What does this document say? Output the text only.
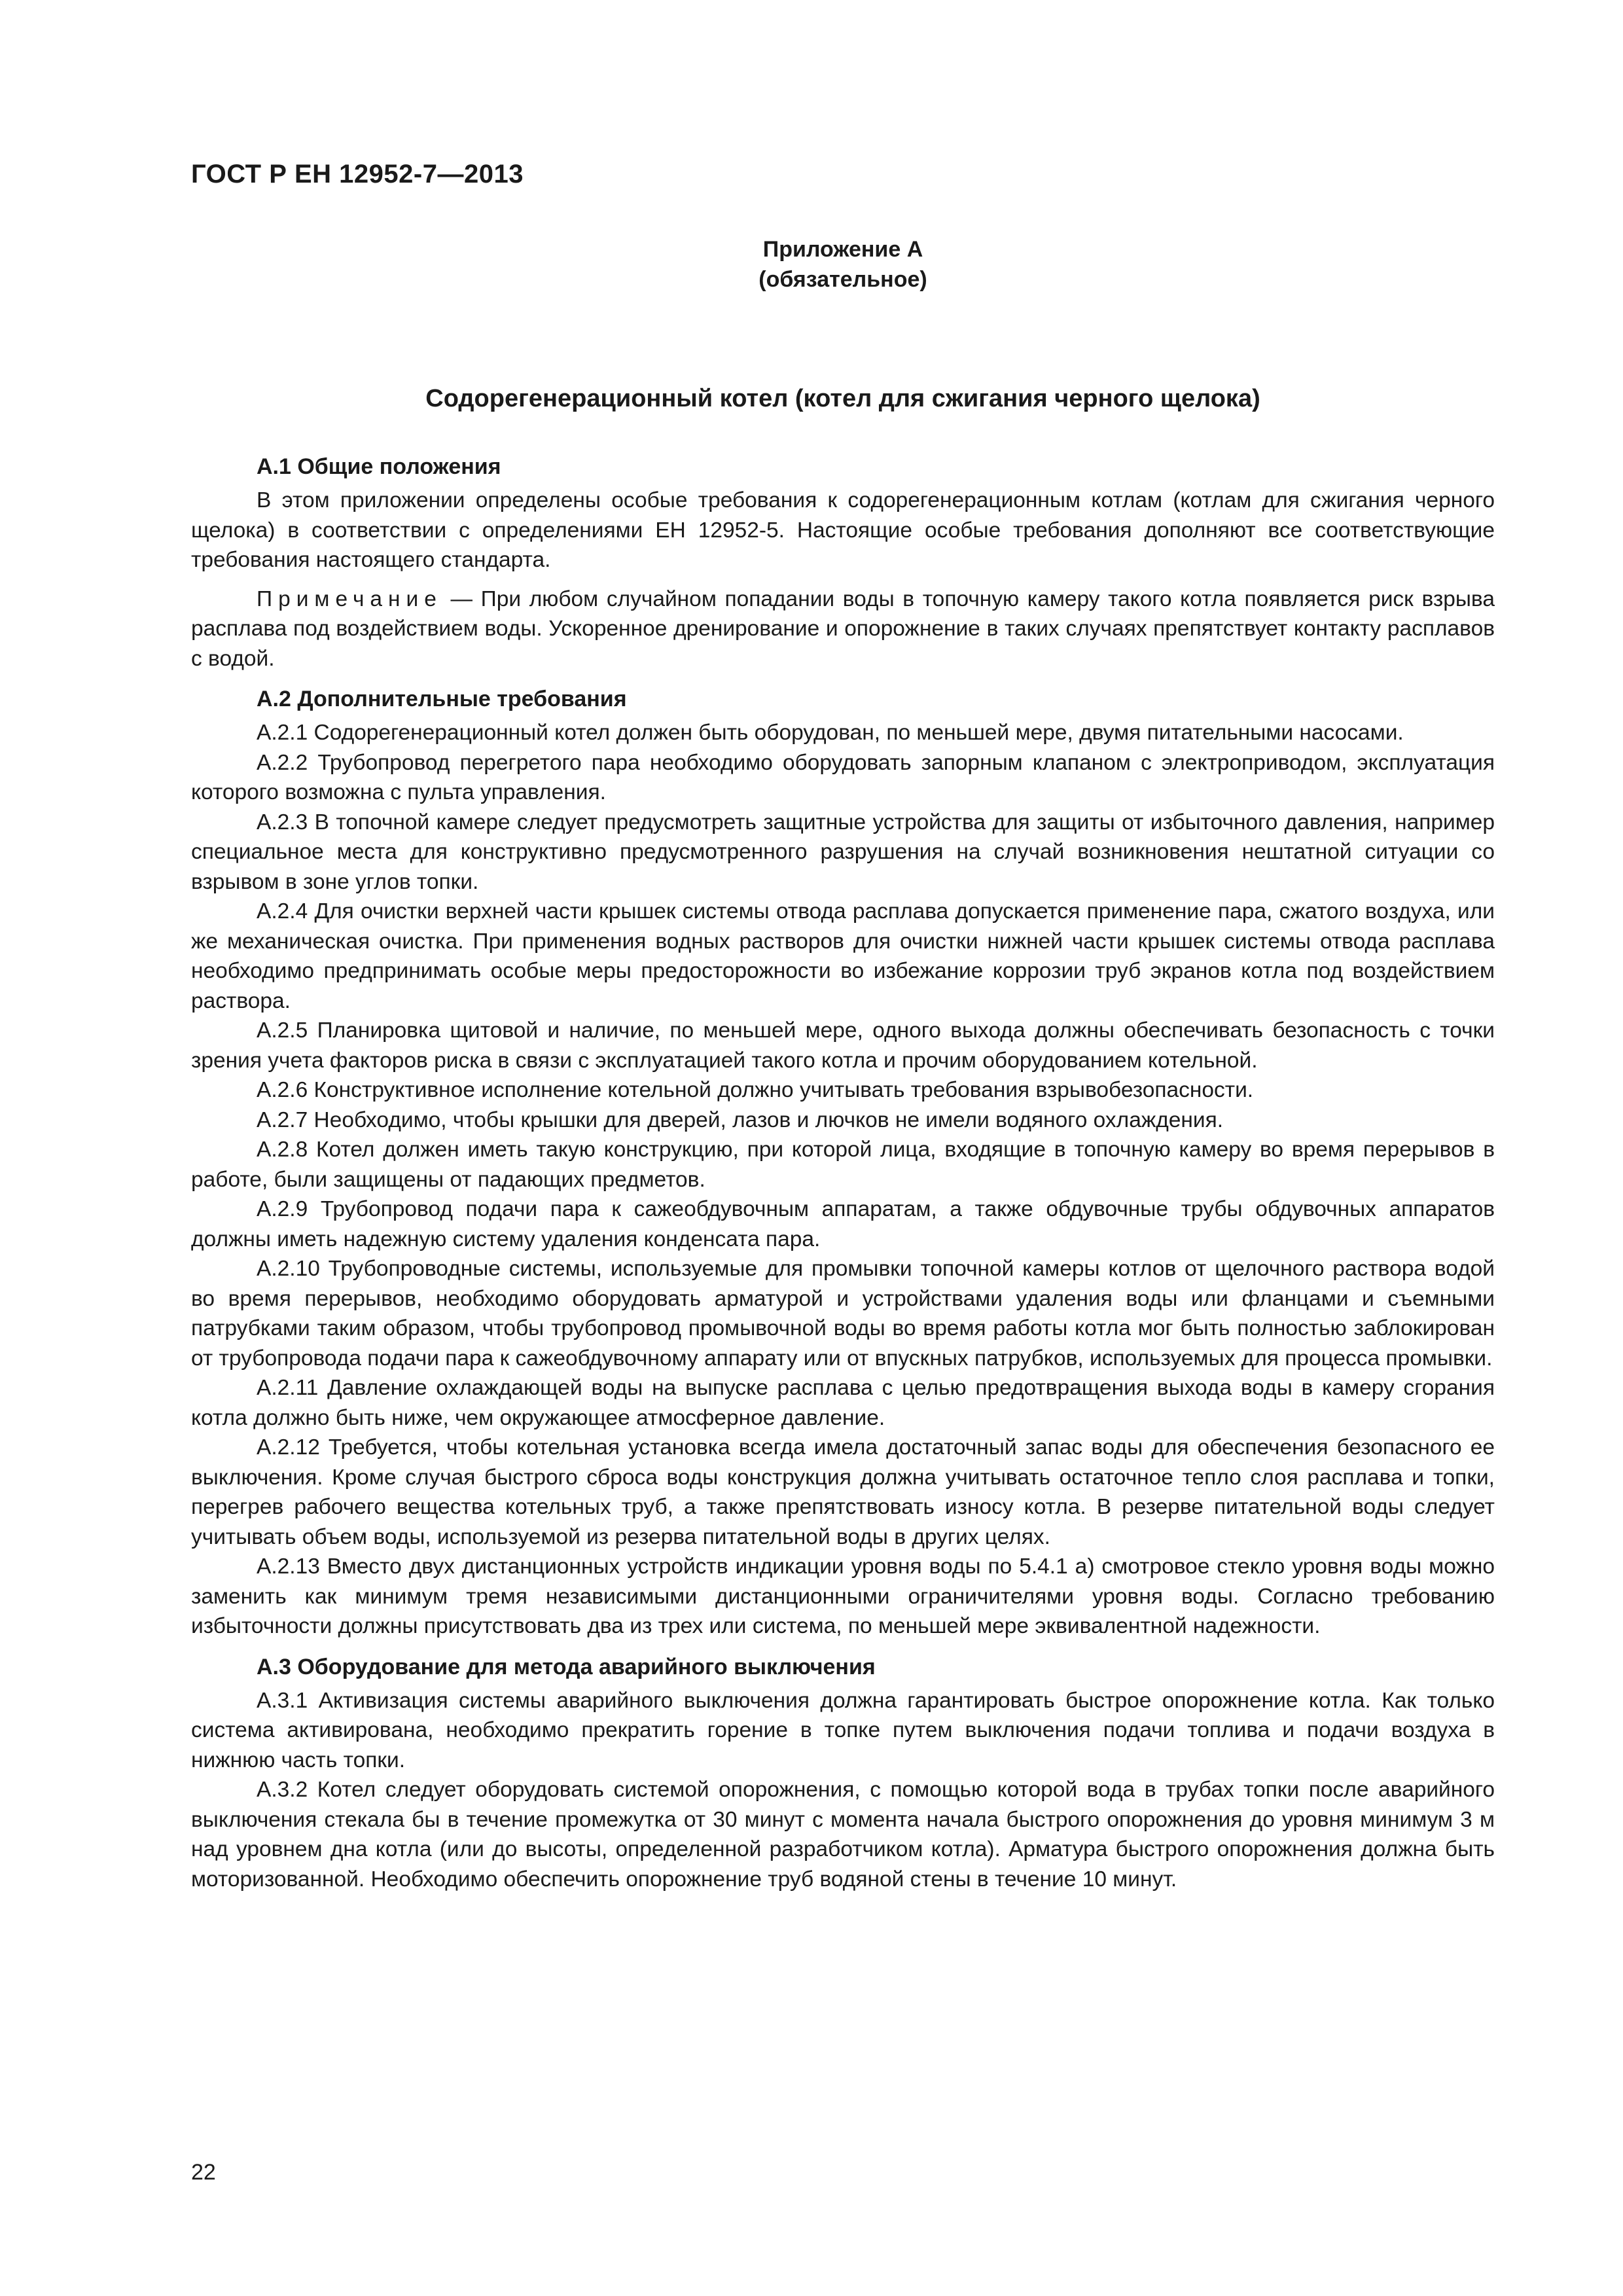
ГОСТ Р ЕН 12952-7—2013
Приложение А
(обязательное)
Содорегенерационный котел (котел для сжигания черного щелока)
А.1 Общие положения

В этом приложении определены особые требования к содорегенерационным котлам (котлам для сжигания черного щелока) в соответствии с определениями ЕН 12952-5. Настоящие особые требования дополняют все соответствующие требования настоящего стандарта.

Примечание — При любом случайном попадании воды в топочную камеру такого котла появляется риск взрыва расплава под воздействием воды. Ускоренное дренирование и опорожнение в таких случаях препятствует контакту расплавов с водой.

А.2 Дополнительные требования

А.2.1 Содорегенерационный котел должен быть оборудован, по меньшей мере, двумя питательными насосами.

А.2.2 Трубопровод перегретого пара необходимо оборудовать запорным клапаном с электроприводом, эксплуатация которого возможна с пульта управления.

А.2.3 В топочной камере следует предусмотреть защитные устройства для защиты от избыточного давления, например специальное места для конструктивно предусмотренного разрушения на случай возникновения нештатной ситуации со взрывом в зоне углов топки.

А.2.4 Для очистки верхней части крышек системы отвода расплава допускается применение пара, сжатого воздуха, или же механическая очистка. При применения водных растворов для очистки нижней части крышек системы отвода расплава необходимо предпринимать особые меры предосторожности во избежание коррозии труб экранов котла под воздействием раствора.

А.2.5 Планировка щитовой и наличие, по меньшей мере, одного выхода должны обеспечивать безопасность с точки зрения учета факторов риска в связи с эксплуатацией такого котла и прочим оборудованием котельной.

А.2.6 Конструктивное исполнение котельной должно учитывать требования взрывобезопасности.

А.2.7 Необходимо, чтобы крышки для дверей, лазов и лючков не имели водяного охлаждения.

А.2.8 Котел должен иметь такую конструкцию, при которой лица, входящие в топочную камеру во время перерывов в работе, были защищены от падающих предметов.

А.2.9 Трубопровод подачи пара к сажеобдувочным аппаратам, а также обдувочные трубы обдувочных аппаратов должны иметь надежную систему удаления конденсата пара.

А.2.10 Трубопроводные системы, используемые для промывки топочной камеры котлов от щелочного раствора водой во время перерывов, необходимо оборудовать арматурой и устройствами удаления воды или фланцами и съемными патрубками таким образом, чтобы трубопровод промывочной воды во время работы котла мог быть полностью заблокирован от трубопровода подачи пара к сажеобдувочному аппарату или от впускных патрубков, используемых для процесса промывки.

А.2.11 Давление охлаждающей воды на выпуске расплава с целью предотвращения выхода воды в камеру сгорания котла должно быть ниже, чем окружающее атмосферное давление.

А.2.12 Требуется, чтобы котельная установка всегда имела достаточный запас воды для обеспечения безопасного ее выключения. Кроме случая быстрого сброса воды конструкция должна учитывать остаточное тепло слоя расплава и топки, перегрев рабочего вещества котельных труб, а также препятствовать износу котла. В резерве питательной воды следует учитывать объем воды, используемой из резерва питательной воды в других целях.

А.2.13 Вместо двух дистанционных устройств индикации уровня воды по 5.4.1 а) смотровое стекло уровня воды можно заменить как минимум тремя независимыми дистанционными ограничителями уровня воды. Согласно требованию избыточности должны присутствовать два из трех или система, по меньшей мере эквивалентной надежности.

А.3 Оборудование для метода аварийного выключения

А.3.1 Активизация системы аварийного выключения должна гарантировать быстрое опорожнение котла. Как только система активирована, необходимо прекратить горение в топке путем выключения подачи топлива и подачи воздуха в нижнюю часть топки.

А.3.2 Котел следует оборудовать системой опорожнения, с помощью которой вода в трубах топки после аварийного выключения стекала бы в течение промежутка от 30 минут с момента начала быстрого опорожнения до уровня минимум 3 м над уровнем дна котла (или до высоты, определенной разработчиком котла). Арматура быстрого опорожнения должна быть моторизованной. Необходимо обеспечить опорожнение труб водяной стены в течение 10 минут.

22
